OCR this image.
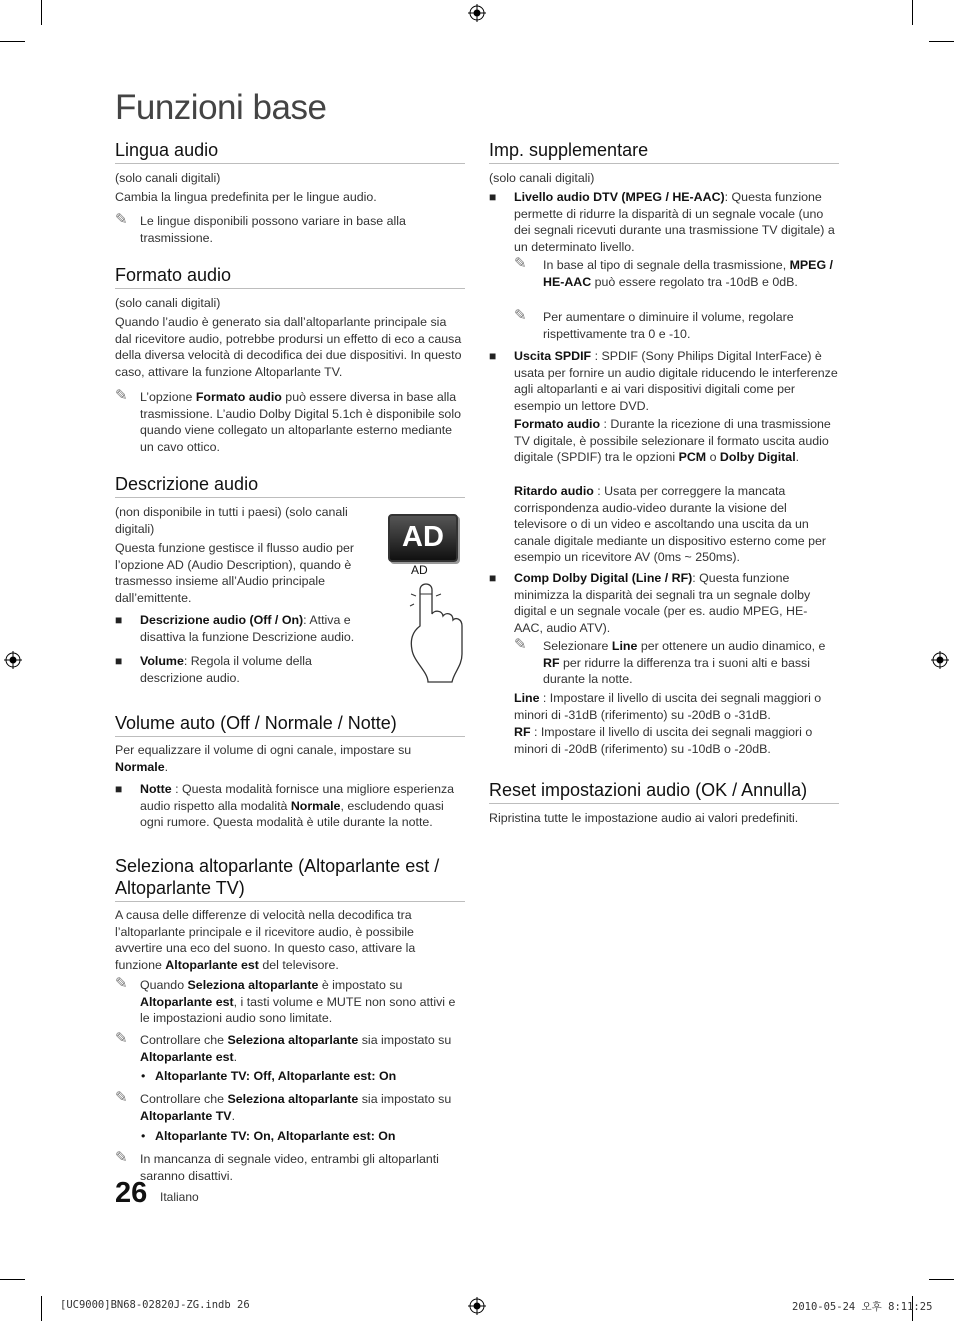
Funzioni base
Lingua audio
(solo canali digitali)
Cambia la lingua predefinita per le lingue audio.
✎ Le lingue disponibili possono variare in base alla trasmissione.
Formato audio
(solo canali digitali)
Quando l’audio è generato sia dall’altoparlante principale sia dal ricevitore audio, potrebbe prodursi un effetto di eco a causa della diversa velocità di decodifica dei due dispositivi. In questo caso, attivare la funzione Altoparlante TV.
✎ L’opzione Formato audio può essere diversa in base alla trasmissione. L’audio Dolby Digital 5.1ch è disponibile solo quando viene collegato un altoparlante esterno mediante un cavo ottico.
Descrizione audio
(non disponibile in tutti i paesi) (solo canali digitali)
Questa funzione gestisce il flusso audio per l’opzione AD (Audio Description), quando è trasmesso insieme all’Audio principale dall’emittente.
■ Descrizione audio (Off / On): Attiva e disattiva la funzione Descrizione audio.
■ Volume: Regola il volume della descrizione audio.
AD
AD
Volume auto (Off / Normale / Notte)
Per equalizzare il volume di ogni canale, impostare su Normale.
■ Notte : Questa modalità fornisce una migliore esperienza audio rispetto alla modalità Normale, escludendo quasi ogni rumore. Questa modalità è utile durante la notte.
Seleziona altoparlante (Altoparlante est / Altoparlante TV)
A causa delle differenze di velocità nella decodifica tra l’altoparlante principale e il ricevitore audio, è possibile avvertire una eco del suono. In questo caso, attivare la funzione Altoparlante est del televisore.
✎ Quando Seleziona altoparlante è impostato su Altoparlante est, i tasti volume e MUTE non sono attivi e le impostazioni audio sono limitate.
✎ Controllare che Seleziona altoparlante sia impostato su Altoparlante est.
• Altoparlante TV: Off, Altoparlante est: On
✎ Controllare che Seleziona altoparlante sia impostato su Altoparlante TV.
• Altoparlante TV: On, Altoparlante est: On
✎ In mancanza di segnale video, entrambi gli altoparlanti saranno disattivi.
Imp. supplementare
(solo canali digitali)
■ Livello audio DTV (MPEG / HE-AAC): Questa funzione permette di ridurre la disparità di un segnale vocale (uno dei segnali ricevuti durante una trasmissione TV digitale) a un determinato livello.
✎ In base al tipo di segnale della trasmissione, MPEG / HE-AAC può essere regolato tra -10dB e 0dB.
✎ Per aumentare o diminuire il volume, regolare rispettivamente tra 0 e -10.
■ Uscita SPDIF : SPDIF (Sony Philips Digital InterFace) è usata per fornire un audio digitale riducendo le interferenze agli altoparlanti e ai vari dispositivi digitali come per esempio un lettore DVD.
Formato audio : Durante la ricezione di una trasmissione TV digitale, è possibile selezionare il formato uscita audio digitale (SPDIF) tra le opzioni PCM o Dolby Digital.
Ritardo audio : Usata per correggere la mancata corrispondenza audio-video durante la visione del televisore o di un video e ascoltando una uscita da un canale digitale mediante un dispositivo esterno come per esempio un ricevitore AV (0ms ~ 250ms).
■ Comp Dolby Digital (Line / RF): Questa funzione minimizza la disparità dei segnali tra un segnale dolby digital e un segnale vocale (per es. audio MPEG, HE-AAC, audio ATV).
✎ Selezionare Line per ottenere un audio dinamico, e RF per ridurre la differenza tra i suoni alti e bassi durante la notte.
Line : Impostare il livello di uscita dei segnali maggiori o minori di -31dB (riferimento) su -20dB o -31dB.
RF : Impostare il livello di uscita dei segnali maggiori o minori di -20dB (riferimento) su -10dB o -20dB.
Reset impostazioni audio (OK / Annulla)
Ripristina tutte le impostazione audio ai valori predefiniti.
26 Italiano
[UC9000]BN68-02820J-ZG.indb 26	2010-05-24 오후 8:11:25
